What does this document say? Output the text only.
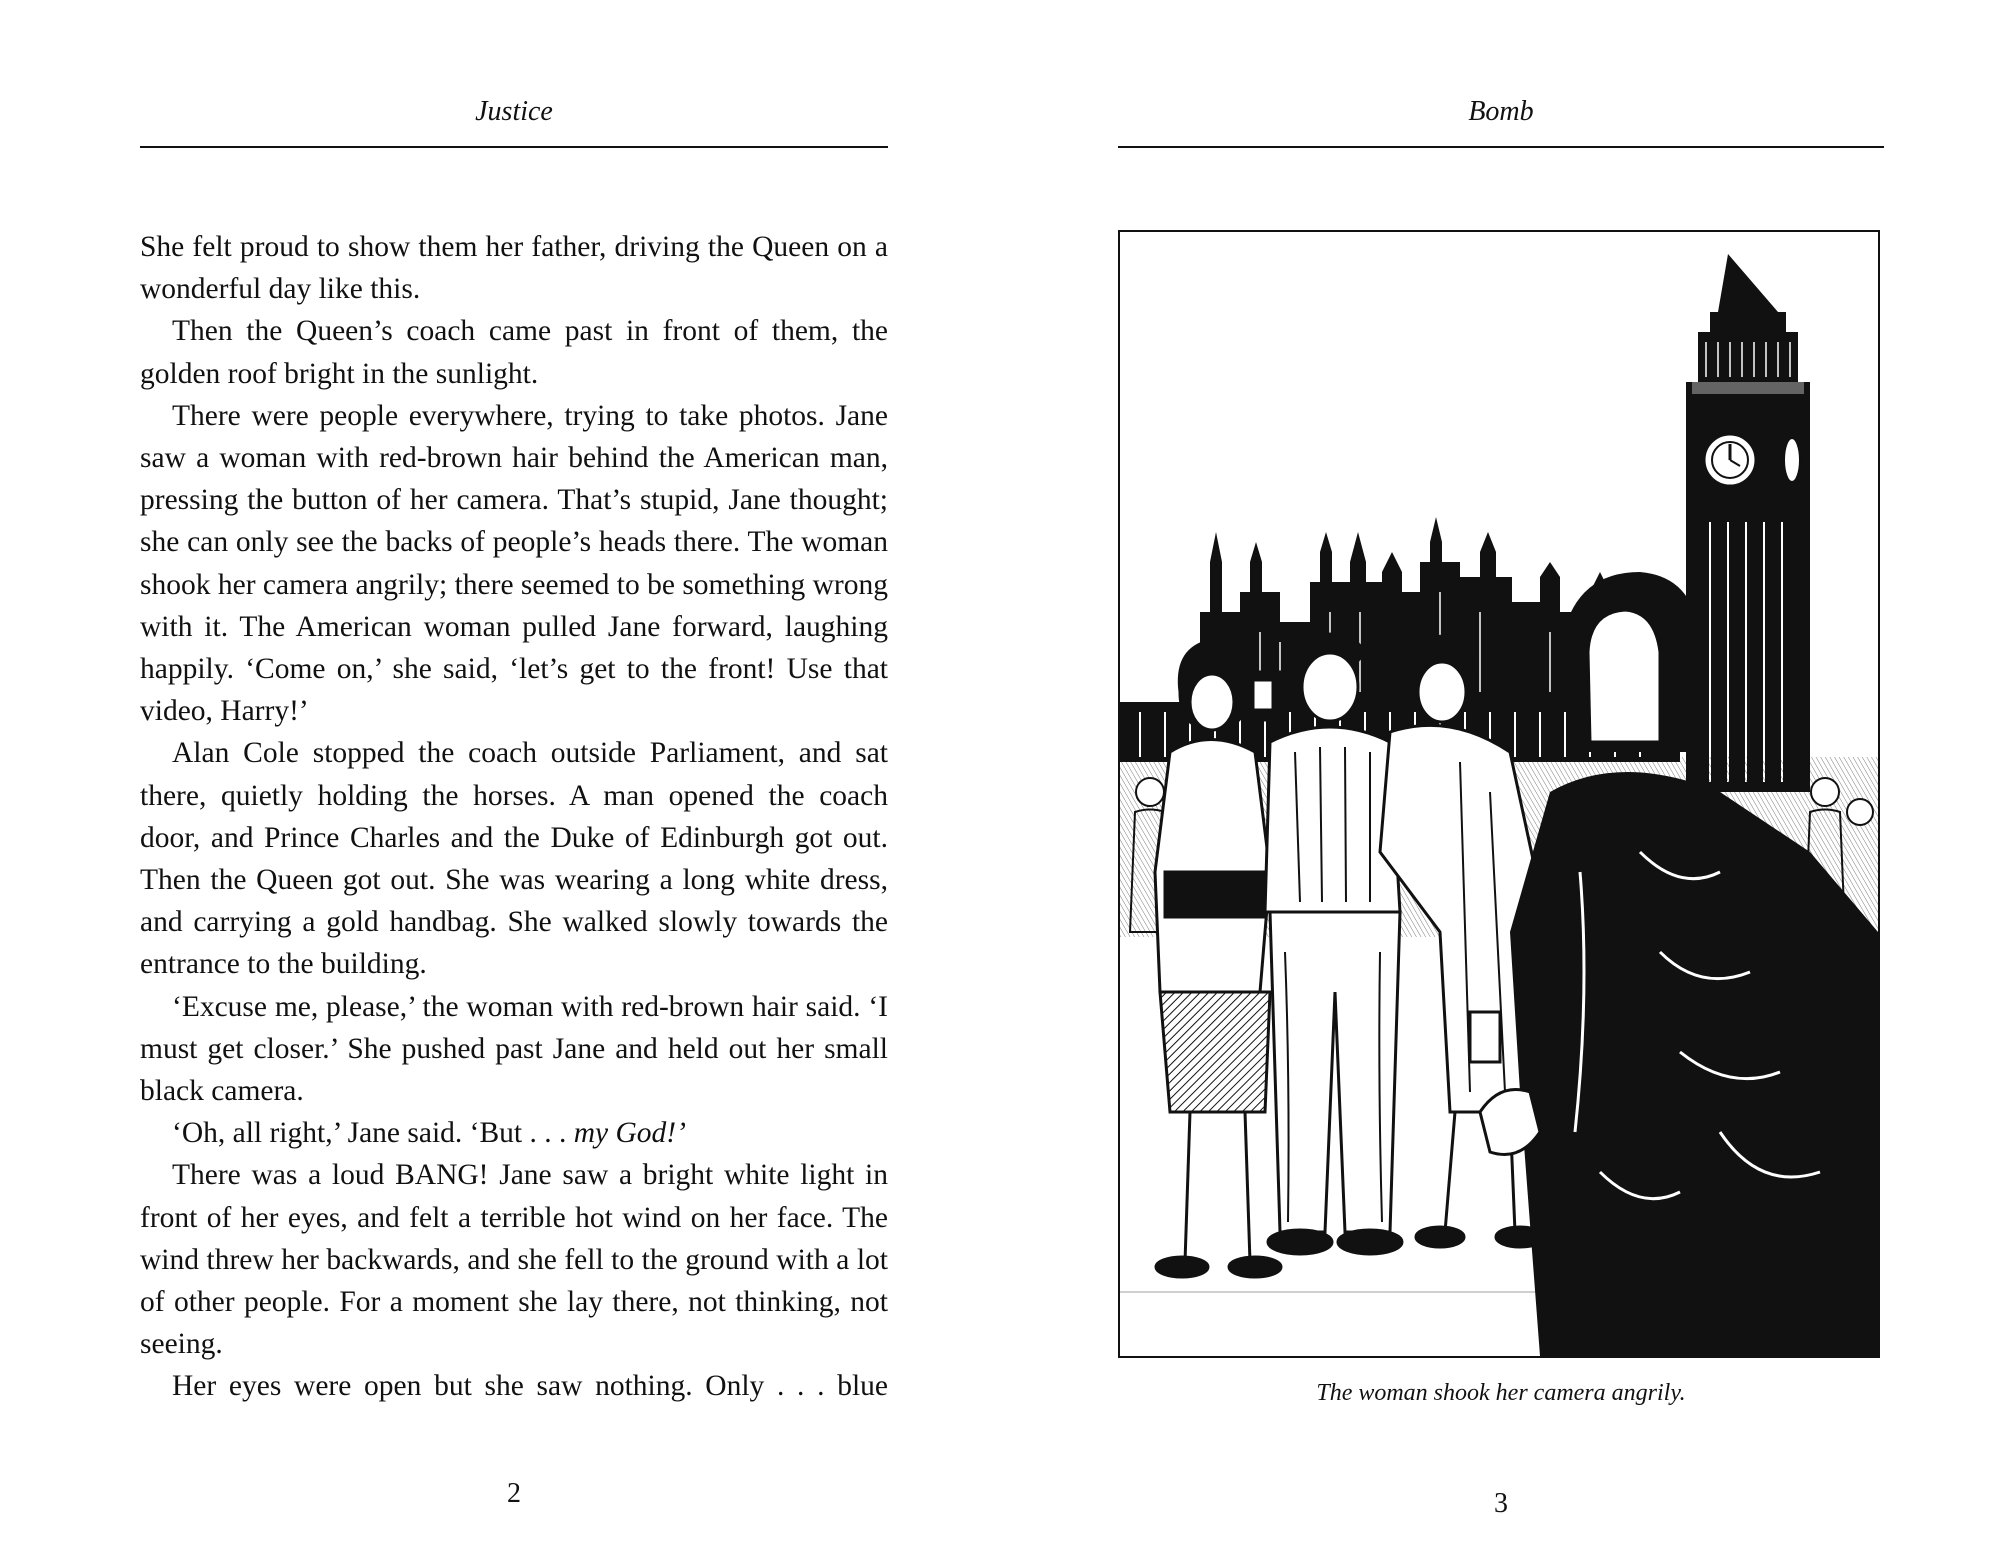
Justice

She felt proud to show them her father, driving the Queen on a wonderful day like this.

Then the Queen’s coach came past in front of them, the golden roof bright in the sunlight.

There were people everywhere, trying to take photos. Jane saw a woman with red-brown hair behind the American man, pressing the button of her camera. That’s stupid, Jane thought; she can only see the backs of people’s heads there. The woman shook her camera angrily; there seemed to be something wrong with it. The American woman pulled Jane forward, laughing happily. ‘Come on,’ she said, ‘let’s get to the front! Use that video, Harry!’

Alan Cole stopped the coach outside Parliament, and sat there, quietly holding the horses. A man opened the coach door, and Prince Charles and the Duke of Edinburgh got out. Then the Queen got out. She was wearing a long white dress, and carrying a gold handbag. She walked slowly towards the entrance to the building.

‘Excuse me, please,’ the woman with red-brown hair said. ‘I must get closer.’ She pushed past Jane and held out her small black camera.

‘Oh, all right,’ Jane said. ‘But . . . my God!’

There was a loud BANG! Jane saw a bright white light in front of her eyes, and felt a terrible hot wind on her face. The wind threw her backwards, and she fell to the ground with a lot of other people. For a moment she lay there, not thinking, not seeing.

Her eyes were open but she saw nothing. Only . . . blue

2
Bomb
The woman shook her camera angrily.
3
